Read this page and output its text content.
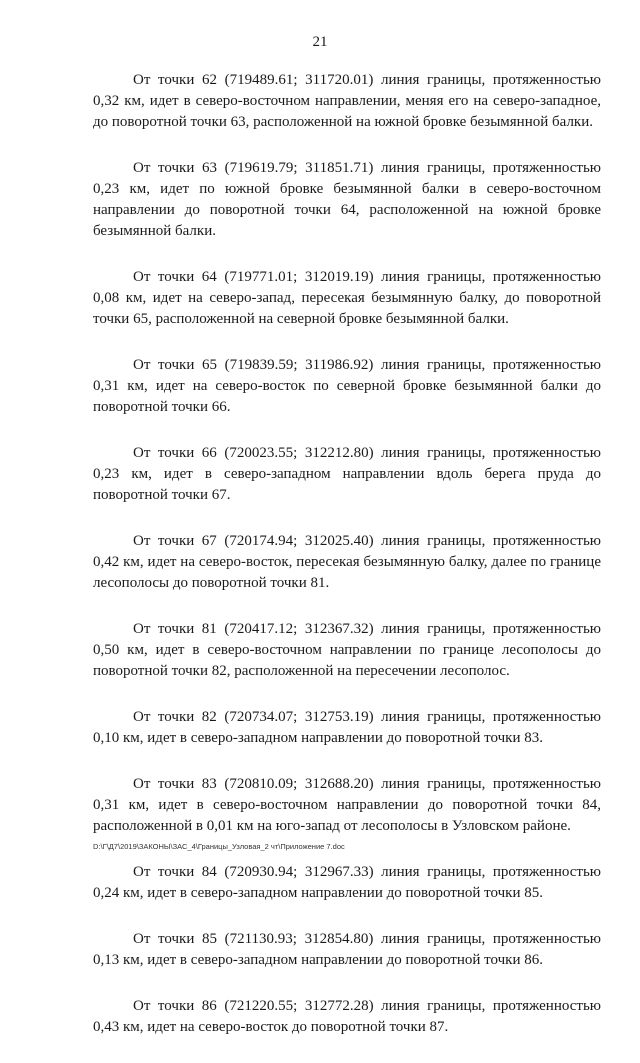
21

От точки 62 (719489.61; 311720.01) линия границы, протяженностью 0,32 км, идет в северо-восточном направлении, меняя его на северо-западное, до поворотной точки 63, расположенной на южной бровке безымянной балки.

От точки 63 (719619.79; 311851.71) линия границы, протяженностью 0,23 км, идет по южной бровке безымянной балки в северо-восточном направлении до поворотной точки 64, расположенной на южной бровке безымянной балки.

От точки 64 (719771.01; 312019.19) линия границы, протяженностью 0,08 км, идет на северо-запад, пересекая безымянную балку, до поворотной точки 65, расположенной на северной бровке безымянной балки.

От точки 65 (719839.59; 311986.92) линия границы, протяженностью 0,31 км, идет на северо-восток по северной бровке безымянной балки до поворотной точки 66.

От точки 66 (720023.55; 312212.80) линия границы, протяженностью 0,23 км, идет в северо-западном направлении вдоль берега пруда до поворотной точки 67.

От точки 67 (720174.94; 312025.40) линия границы, протяженностью 0,42 км, идет на северо-восток, пересекая безымянную балку, далее по границе лесополосы до поворотной точки 81.

От точки 81 (720417.12; 312367.32) линия границы, протяженностью 0,50 км, идет в северо-восточном направлении по границе лесополосы до поворотной точки 82, расположенной на пересечении лесополос.

От точки 82 (720734.07; 312753.19) линия границы, протяженностью 0,10 км, идет в северо-западном направлении до поворотной точки 83.

От точки 83 (720810.09; 312688.20) линия границы, протяженностью 0,31 км, идет в северо-восточном направлении до поворотной точки 84, расположенной в 0,01 км на юго-запад от лесополосы в Узловском районе.

От точки 84 (720930.94; 312967.33) линия границы, протяженностью 0,24 км, идет в северо-западном направлении до поворотной точки 85.

От точки 85 (721130.93; 312854.80) линия границы, протяженностью 0,13 км, идет в северо-западном направлении до поворотной точки 86.

От точки 86 (721220.55; 312772.28) линия границы, протяженностью 0,43 км, идет на северо-восток до поворотной точки 87.

D:\Г\Д7\2019\ЗАКОНЫ\ЗАС_4\Границы_Узловая_2 чт\Приложение 7.doc
